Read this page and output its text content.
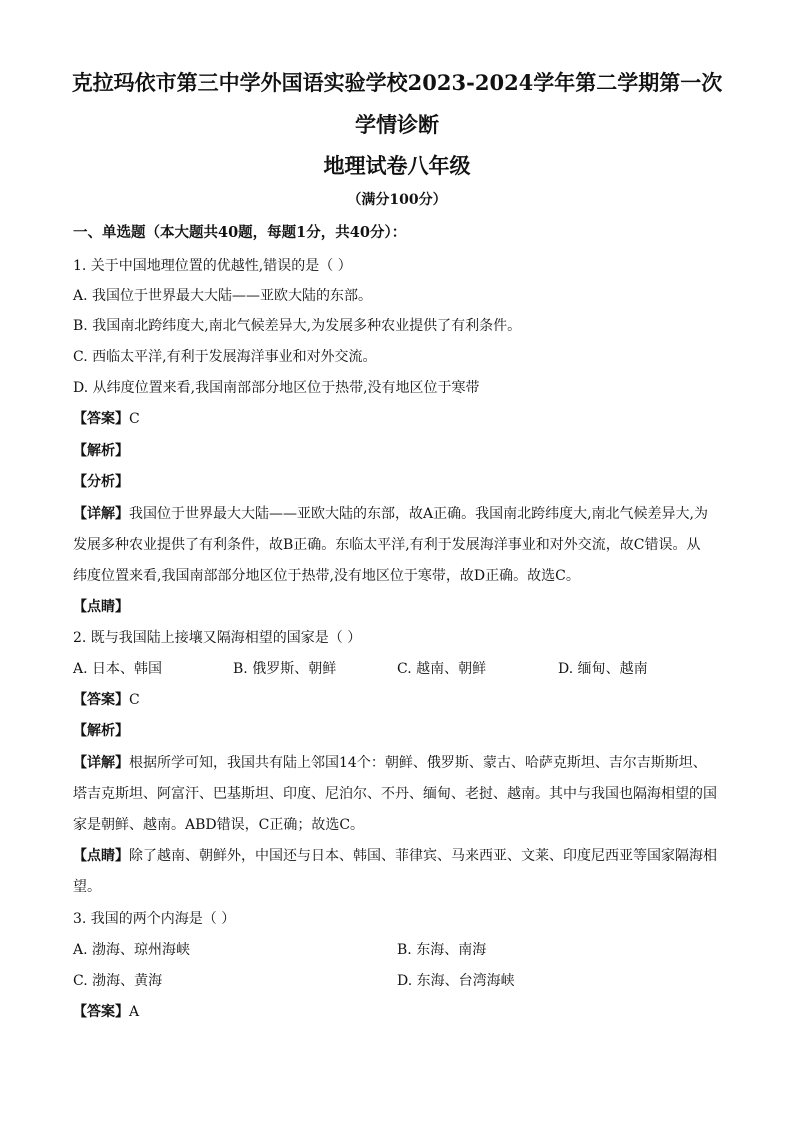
克拉玛依市第三中学外国语实验学校2023-2024学年第二学期第一次
学情诊断
地理试卷八年级
（满分100分）
一、单选题（本大题共40题，每题1分，共40分）：
1. 关于中国地理位置的优越性,错误的是（ ）
A. 我国位于世界最大大陆——亚欧大陆的东部。
B. 我国南北跨纬度大,南北气候差异大,为发展多种农业提供了有利条件。
C. 西临太平洋,有利于发展海洋事业和对外交流。
D. 从纬度位置来看,我国南部部分地区位于热带,没有地区位于寒带
【答案】C
【解析】
【分析】
【详解】我国位于世界最大大陆——亚欧大陆的东部，故A正确。我国南北跨纬度大,南北气候差异大,为
发展多种农业提供了有利条件，故B正确。东临太平洋,有利于发展海洋事业和对外交流，故C错误。从
纬度位置来看,我国南部部分地区位于热带,没有地区位于寒带，故D正确。故选C。
【点睛】
2. 既与我国陆上接壤又隔海相望的国家是（ ）
A. 日本、韩国	B. 俄罗斯、朝鲜	C. 越南、朝鲜	D. 缅甸、越南
【答案】C
【解析】
【详解】根据所学可知，我国共有陆上邻国14个：朝鲜、俄罗斯、蒙古、哈萨克斯坦、吉尔吉斯斯坦、
塔吉克斯坦、阿富汗、巴基斯坦、印度、尼泊尔、不丹、缅甸、老挝、越南。其中与我国也隔海相望的国
家是朝鲜、越南。ABD错误，C正确；故选C。
【点睛】除了越南、朝鲜外，中国还与日本、韩国、菲律宾、马来西亚、文莱、印度尼西亚等国家隔海相
望。
3. 我国的两个内海是（ ）
A. 渤海、琼州海峡	B. 东海、南海
C. 渤海、黄海	D. 东海、台湾海峡
【答案】A
